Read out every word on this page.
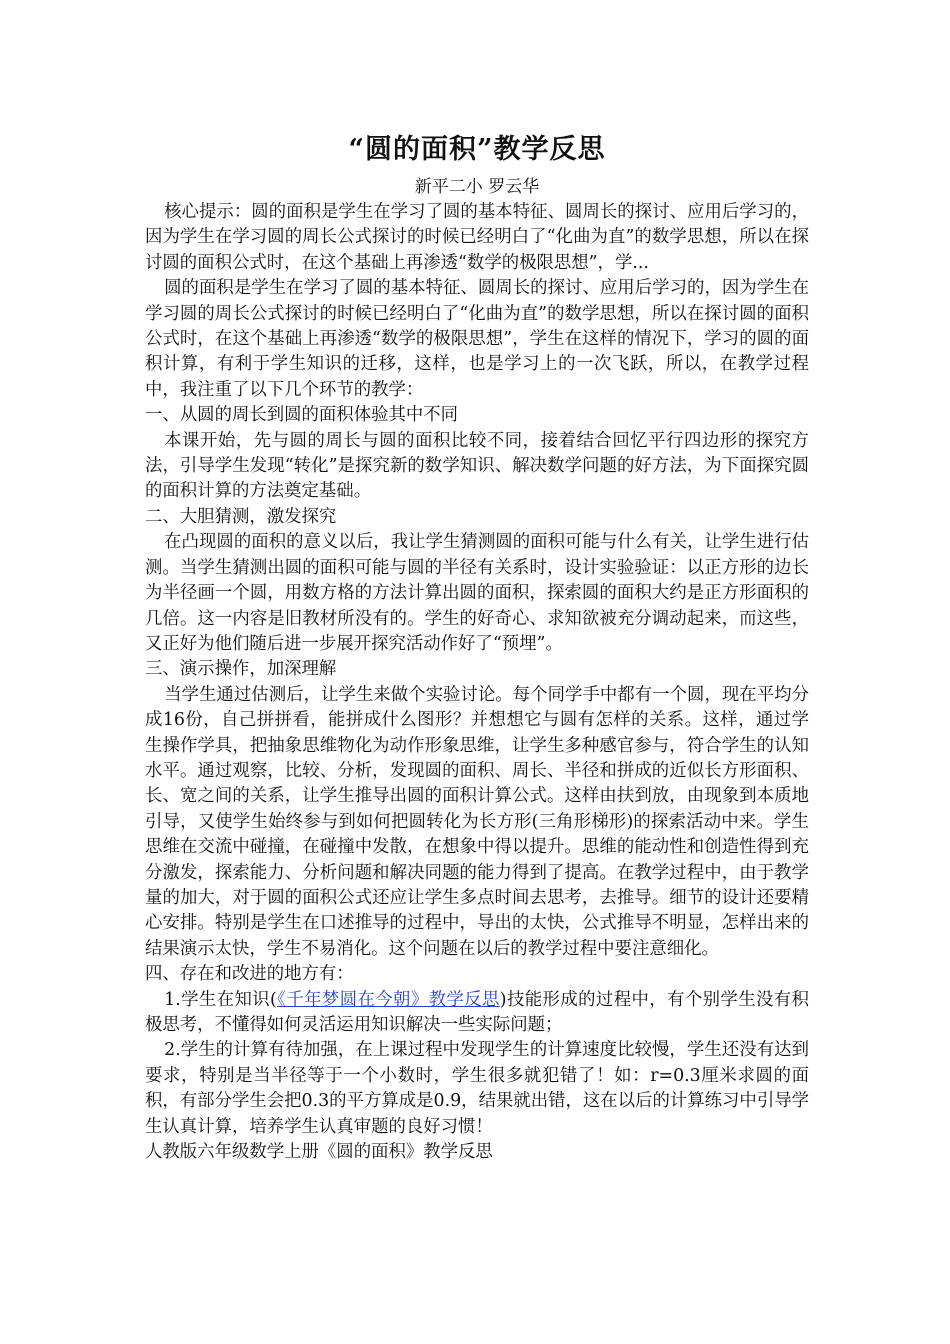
“圆的面积”教学反思
新平二小 罗云华

核心提示：圆的面积是学生在学习了圆的基本特征、圆周长的探讨、应用后学习的，因为学生在学习圆的周长公式探讨的时候已经明白了“化曲为直”的数学思想，所以在探讨圆的面积公式时，在这个基础上再渗透“数学的极限思想”，学...

圆的面积是学生在学习了圆的基本特征、圆周长的探讨、应用后学习的，因为学生在学习圆的周长公式探讨的时候已经明白了“化曲为直”的数学思想，所以在探讨圆的面积公式时，在这个基础上再渗透“数学的极限思想”，学生在这样的情况下，学习的圆的面积计算，有利于学生知识的迁移，这样，也是学习上的一次飞跃，所以，在教学过程中，我注重了以下几个环节的教学：

一、从圆的周长到圆的面积体验其中不同

本课开始，先与圆的周长与圆的面积比较不同，接着结合回忆平行四边形的探究方法，引导学生发现“转化”是探究新的数学知识、解决数学问题的好方法，为下面探究圆的面积计算的方法奠定基础。

二、大胆猜测，激发探究

在凸现圆的面积的意义以后，我让学生猜测圆的面积可能与什么有关，让学生进行估测。当学生猜测出圆的面积可能与圆的半径有关系时，设计实验验证：以正方形的边长为半径画一个圆，用数方格的方法计算出圆的面积，探索圆的面积大约是正方形面积的几倍。这一内容是旧教材所没有的。学生的好奇心、求知欲被充分调动起来，而这些，又正好为他们随后进一步展开探究活动作好了“预埋”。

三、演示操作，加深理解

当学生通过估测后，让学生来做个实验讨论。每个同学手中都有一个圆，现在平均分成16份，自己拼拼看，能拼成什么图形？并想想它与圆有怎样的关系。这样，通过学生操作学具，把抽象思维物化为动作形象思维，让学生多种感官参与，符合学生的认知水平。通过观察，比较、分析，发现圆的面积、周长、半径和拼成的近似长方形面积、长、宽之间的关系，让学生推导出圆的面积计算公式。这样由扶到放，由现象到本质地引导，又使学生始终参与到如何把圆转化为长方形(三角形梯形)的探索活动中来。学生思维在交流中碰撞，在碰撞中发散，在想象中得以提升。思维的能动性和创造性得到充分激发，探索能力、分析问题和解决同题的能力得到了提高。在教学过程中，由于教学量的加大，对于圆的面积公式还应让学生多点时间去思考，去推导。细节的设计还要精心安排。特别是学生在口述推导的过程中，导出的太快，公式推导不明显，怎样出来的结果演示太快，学生不易消化。这个问题在以后的教学过程中要注意细化。

四、存在和改进的地方有：

1.学生在知识(《千年梦圆在今朝》教学反思)技能形成的过程中，有个别学生没有积极思考，不懂得如何灵活运用知识解决一些实际问题；

2.学生的计算有待加强，在上课过程中发现学生的计算速度比较慢，学生还没有达到要求，特别是当半径等于一个小数时，学生很多就犯错了！如：r=0.3厘米求圆的面积，有部分学生会把0.3的平方算成是0.9，结果就出错，这在以后的计算练习中引导学生认真计算，培养学生认真审题的良好习惯！

人教版六年级数学上册《圆的面积》教学反思
